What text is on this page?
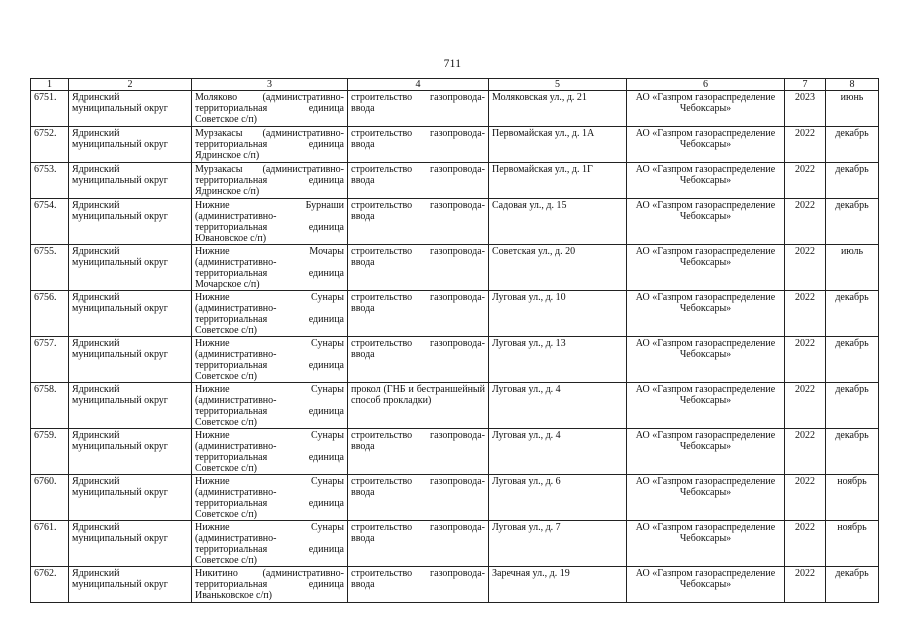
711
1	2	3	4	5	6	7	8
6751.	Ядринский муниципальный округ	Моляково (административно-территориальная единица Советское с/п)	строительство газопровода-ввода	Моляковская ул., д. 21	АО «Газпром газораспределение Чебоксары»	2023	июнь
6752.	Ядринский муниципальный округ	Мурзакасы (административно-территориальная единица Ядринское с/п)	строительство газопровода-ввода	Первомайская ул., д. 1А	АО «Газпром газораспределение Чебоксары»	2022	декабрь
6753.	Ядринский муниципальный округ	Мурзакасы (административно-территориальная единица Ядринское с/п)	строительство газопровода-ввода	Первомайская ул., д. 1Г	АО «Газпром газораспределение Чебоксары»	2022	декабрь
6754.	Ядринский муниципальный округ	Нижние Бурнаши (административно-территориальная единица Ювановское с/п)	строительство газопровода-ввода	Садовая ул., д. 15	АО «Газпром газораспределение Чебоксары»	2022	декабрь
6755.	Ядринский муниципальный округ	Нижние Мочары (административно-территориальная единица Мочарское с/п)	строительство газопровода-ввода	Советская ул., д. 20	АО «Газпром газораспределение Чебоксары»	2022	июль
6756.	Ядринский муниципальный округ	Нижние Сунары (административно-территориальная единица Советское с/п)	строительство газопровода-ввода	Луговая ул., д. 10	АО «Газпром газораспределение Чебоксары»	2022	декабрь
6757.	Ядринский муниципальный округ	Нижние Сунары (административно-территориальная единица Советское с/п)	строительство газопровода-ввода	Луговая ул., д. 13	АО «Газпром газораспределение Чебоксары»	2022	декабрь
6758.	Ядринский муниципальный округ	Нижние Сунары (административно-территориальная единица Советское с/п)	прокол (ГНБ и бестраншейный способ прокладки)	Луговая ул., д. 4	АО «Газпром газораспределение Чебоксары»	2022	декабрь
6759.	Ядринский муниципальный округ	Нижние Сунары (административно-территориальная единица Советское с/п)	строительство газопровода-ввода	Луговая ул., д. 4	АО «Газпром газораспределение Чебоксары»	2022	декабрь
6760.	Ядринский муниципальный округ	Нижние Сунары (административно-территориальная единица Советское с/п)	строительство газопровода-ввода	Луговая ул., д. 6	АО «Газпром газораспределение Чебоксары»	2022	ноябрь
6761.	Ядринский муниципальный округ	Нижние Сунары (административно-территориальная единица Советское с/п)	строительство газопровода-ввода	Луговая ул., д. 7	АО «Газпром газораспределение Чебоксары»	2022	ноябрь
6762.	Ядринский муниципальный округ	Никитино (административно-территориальная единица Иваньковское с/п)	строительство газопровода-ввода	Заречная ул., д. 19	АО «Газпром газораспределение Чебоксары»	2022	декабрь
